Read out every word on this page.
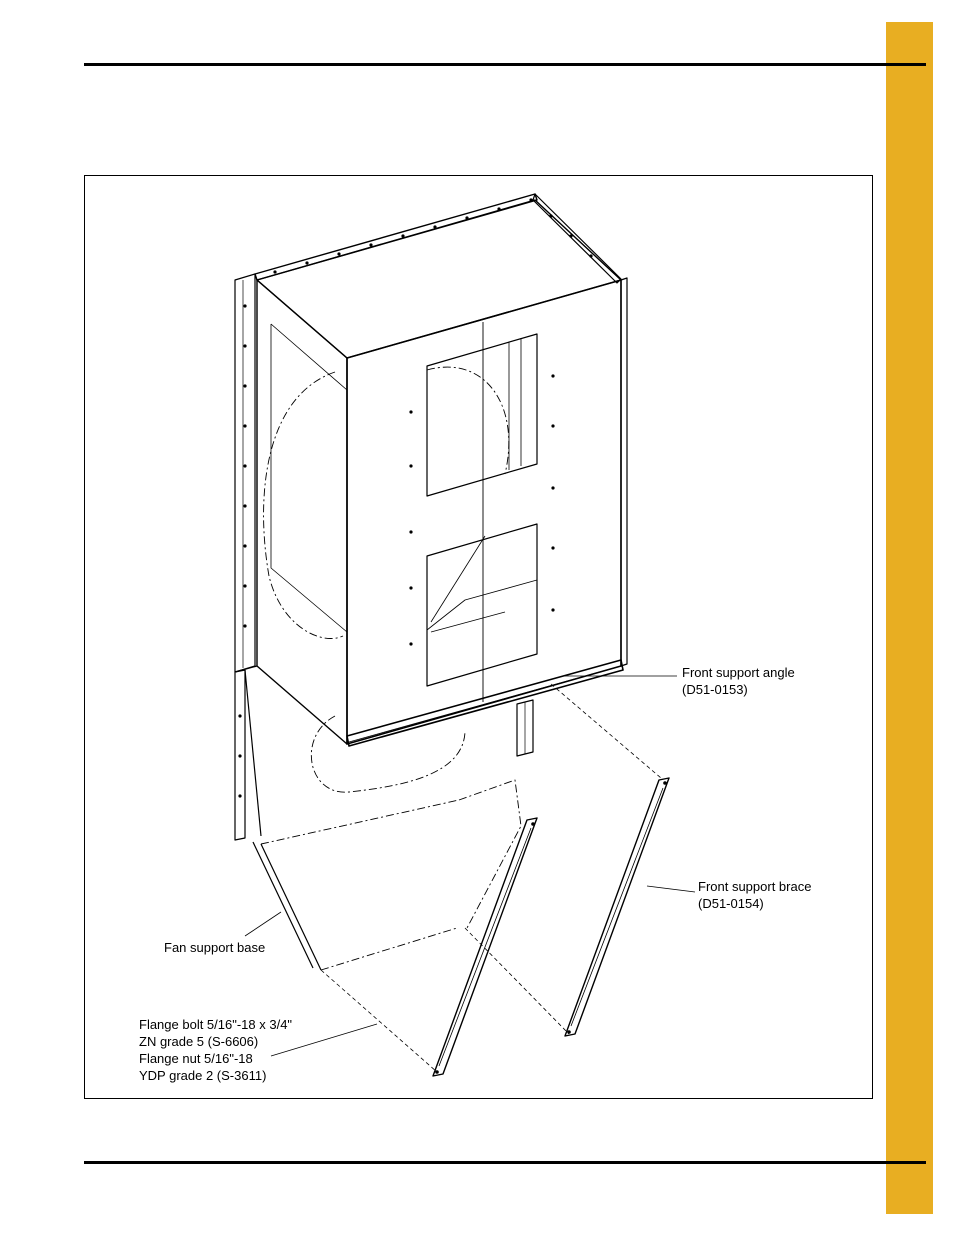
Front support angle
(D51-0153)
Front support brace
(D51-0154)
Fan support base
Flange bolt 5/16"-18 x 3/4"
ZN grade 5 (S-6606)
Flange nut 5/16"-18
YDP grade 2 (S-3611)
